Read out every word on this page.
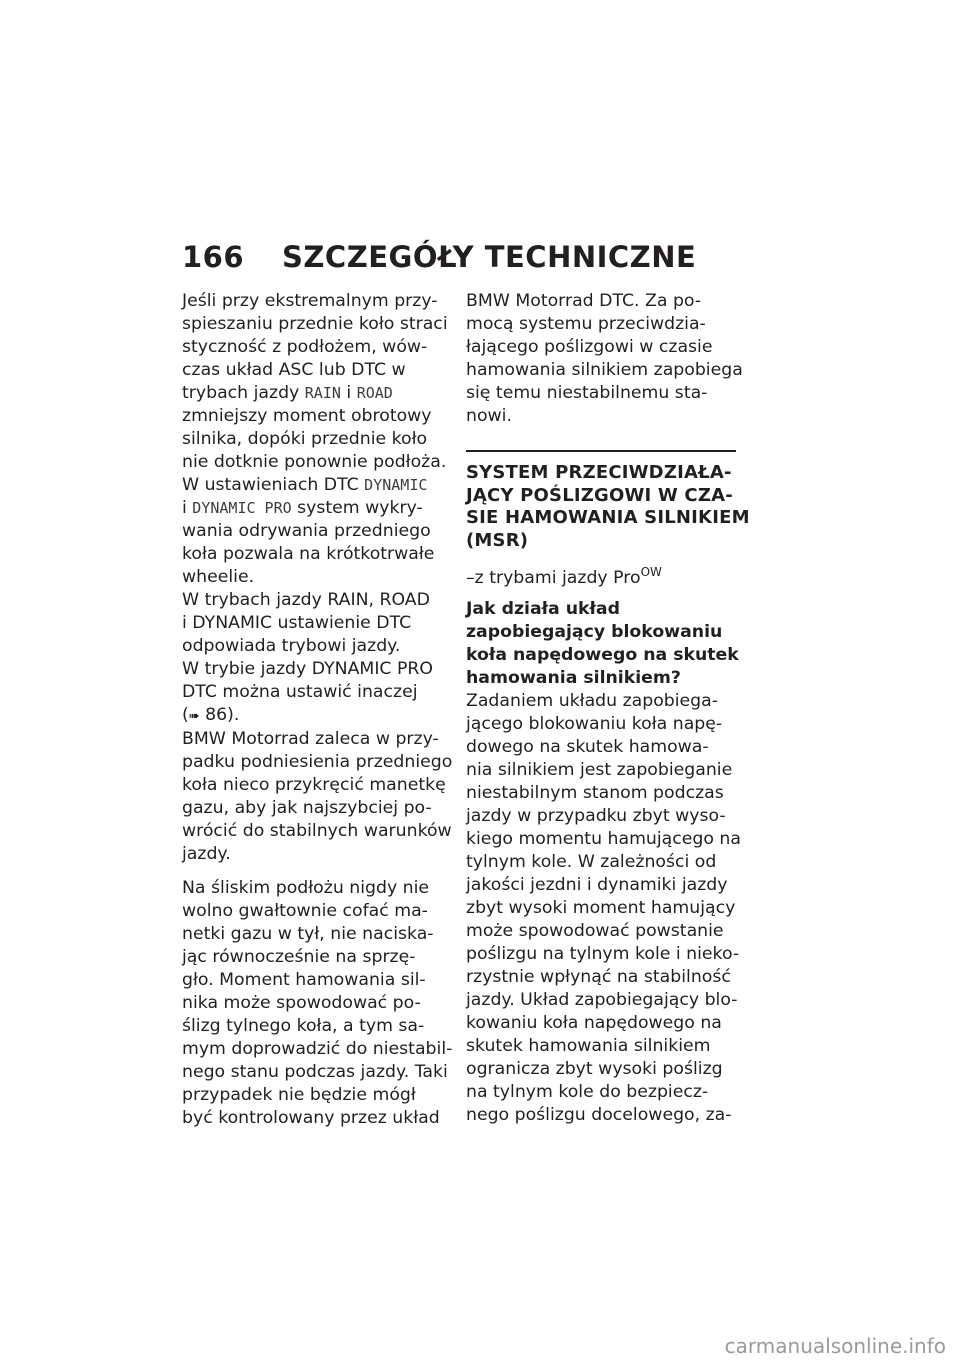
166 SZCZEGÓŁY TECHNICZNE
Jeśli przy ekstremalnym przy-
spieszaniu przednie koło straci
styczność z podłożem, wów-
czas układ ASC lub DTC w
trybach jazdy RAIN i ROAD
zmniejszy moment obrotowy
silnika, dopóki przednie koło
nie dotknie ponownie podłoża.
W ustawieniach DTC DYNAMIC
i DYNAMIC PRO system wykry-
wania odrywania przedniego
koła pozwala na krótkotrwałe
wheelie.
W trybach jazdy RAIN, ROAD
i DYNAMIC ustawienie DTC
odpowiada trybowi jazdy.
W trybie jazdy DYNAMIC PRO
DTC można ustawić inaczej
(➠ 86).
BMW Motorrad zaleca w przy-
padku podniesienia przedniego
koła nieco przykręcić manetkę
gazu, aby jak najszybciej po-
wrócić do stabilnych warunków
jazdy.
Na śliskim podłożu nigdy nie
wolno gwałtownie cofać ma-
netki gazu w tył, nie naciska-
jąc równocześnie na sprzę-
gło. Moment hamowania sil-
nika może spowodować po-
ślizg tylnego koła, a tym sa-
mym doprowadzić do niestabil-
nego stanu podczas jazdy. Taki
przypadek nie będzie mógł
być kontrolowany przez układ
BMW Motorrad DTC. Za po-
mocą systemu przeciwdzia-
łającego poślizgowi w czasie
hamowania silnikiem zapobiega
się temu niestabilnemu sta-
nowi.
SYSTEM PRZECIWDZIAŁA-
JĄCY POŚLIZGOWI W CZA-
SIE HAMOWANIA SILNIKIEM
(MSR)
–z trybami jazdy Pro$^{OW}$
Jak działa układ
zapobiegający blokowaniu
koła napędowego na skutek
hamowania silnikiem?
Zadaniem układu zapobiega-
jącego blokowaniu koła napę-
dowego na skutek hamowa-
nia silnikiem jest zapobieganie
niestabilnym stanom podczas
jazdy w przypadku zbyt wyso-
kiego momentu hamującego na
tylnym kole. W zależności od
jakości jezdni i dynamiki jazdy
zbyt wysoki moment hamujący
może spowodować powstanie
poślizgu na tylnym kole i nieko-
rzystnie wpłynąć na stabilność
jazdy. Układ zapobiegający blo-
kowaniu koła napędowego na
skutek hamowania silnikiem
ogranicza zbyt wysoki poślizg
na tylnym kole do bezpiecz-
nego poślizgu docelowego, za-
carmanualsonline.info
